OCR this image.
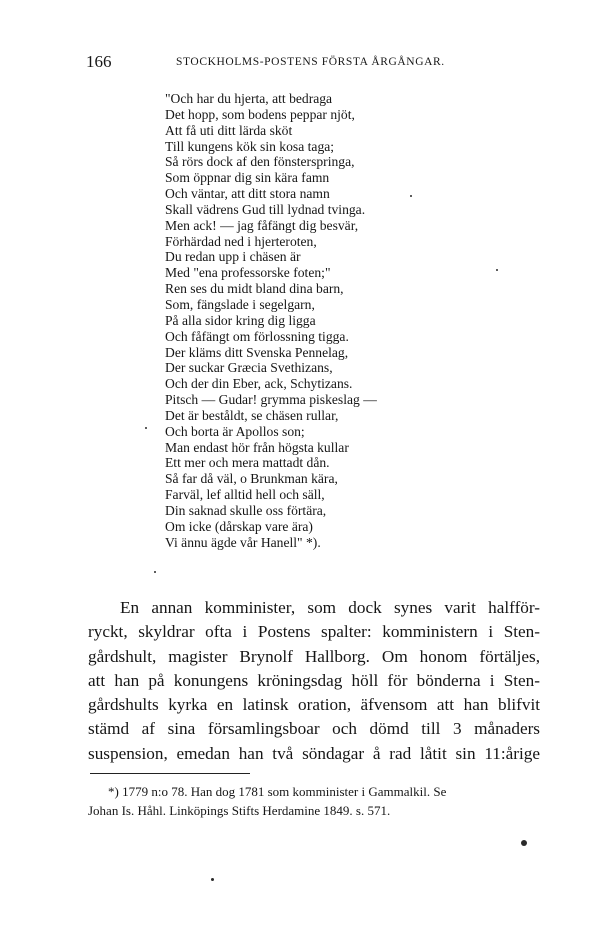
166	STOCKHOLMS-POSTENS FÖRSTA ÅRGÅNGAR.
"Och har du hjerta, att bedraga
Det hopp, som bodens peppar njöt,
Att få uti ditt lärda sköt
Till kungens kök sin kosa taga;
Så rörs dock af den fönsterspringa,
Som öppnar dig sin kära famn
Och väntar, att ditt stora namn
Skall vädrens Gud till lydnad tvinga.
Men ack! — jag fåfängt dig besvär,
Förhärdad ned i hjerteroten,
Du redan upp i chäsen är
Med "ena professorske foten;"
Ren ses du midt bland dina barn,
Som, fängslade i segelgarn,
På alla sidor kring dig ligga
Och fåfängt om förlossning tigga.
Der kläms ditt Svenska Pennelag,
Der suckar Græcia Svethizans,
Och der din Eber, ack, Schytizans.
Pitsch — Gudar! grymma piskeslag —
Det är beståldt, se chäsen rullar,
Och borta är Apollos son;
Man endast hör från högsta kullar
Ett mer och mera mattadt dån.
Så far då väl, o Brunkman kära,
Farväl, lef alltid hell och säll,
Din saknad skulle oss förtära,
Om icke (dårskap vare ära)
Vi ännu ägde vår Hanell" *).
En annan komminister, som dock synes varit halfför-
ryckt, skyldrar ofta i Postens spalter: komministern i Sten-
gårdshult, magister Brynolf Hallborg. Om honom förtäljes,
att han på konungens kröningsdag höll för bönderna i Sten-
gårdshults kyrka en latinsk oration, äfvensom att han blifvit
stämd af sina församlingsboar och dömd till 3 månaders
suspension, emedan han två söndagar å rad låtit sin 11:årige
*) 1779 n:o 78. Han dog 1781 som komminister i Gammalkil. Se
Johan Is. Håhl. Linköpings Stifts Herdamine 1849. s. 571.
